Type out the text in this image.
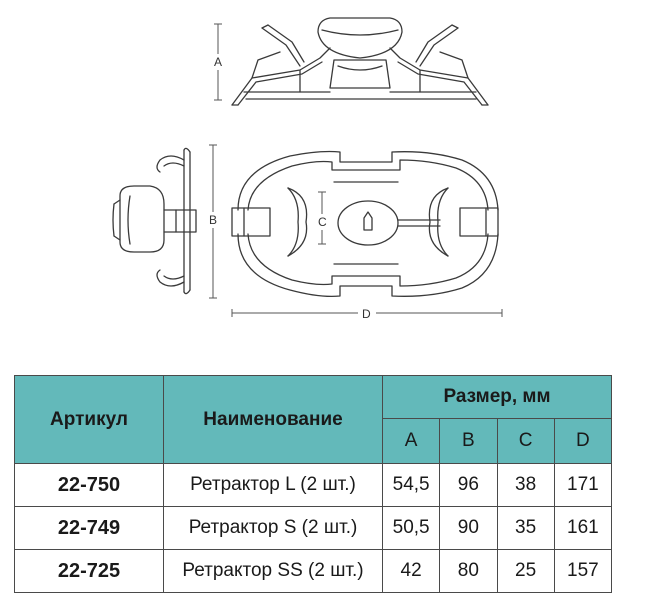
A
B	C
D
Артикул	Наименование	Размер, мм			
		A	B	C	D
22-750	Ретрактор L (2 шт.)	54,5	96	38	171
22-749	Ретрактор S (2 шт.)	50,5	90	35	161
22-725	Ретрактор SS (2 шт.)	42	80	25	157
